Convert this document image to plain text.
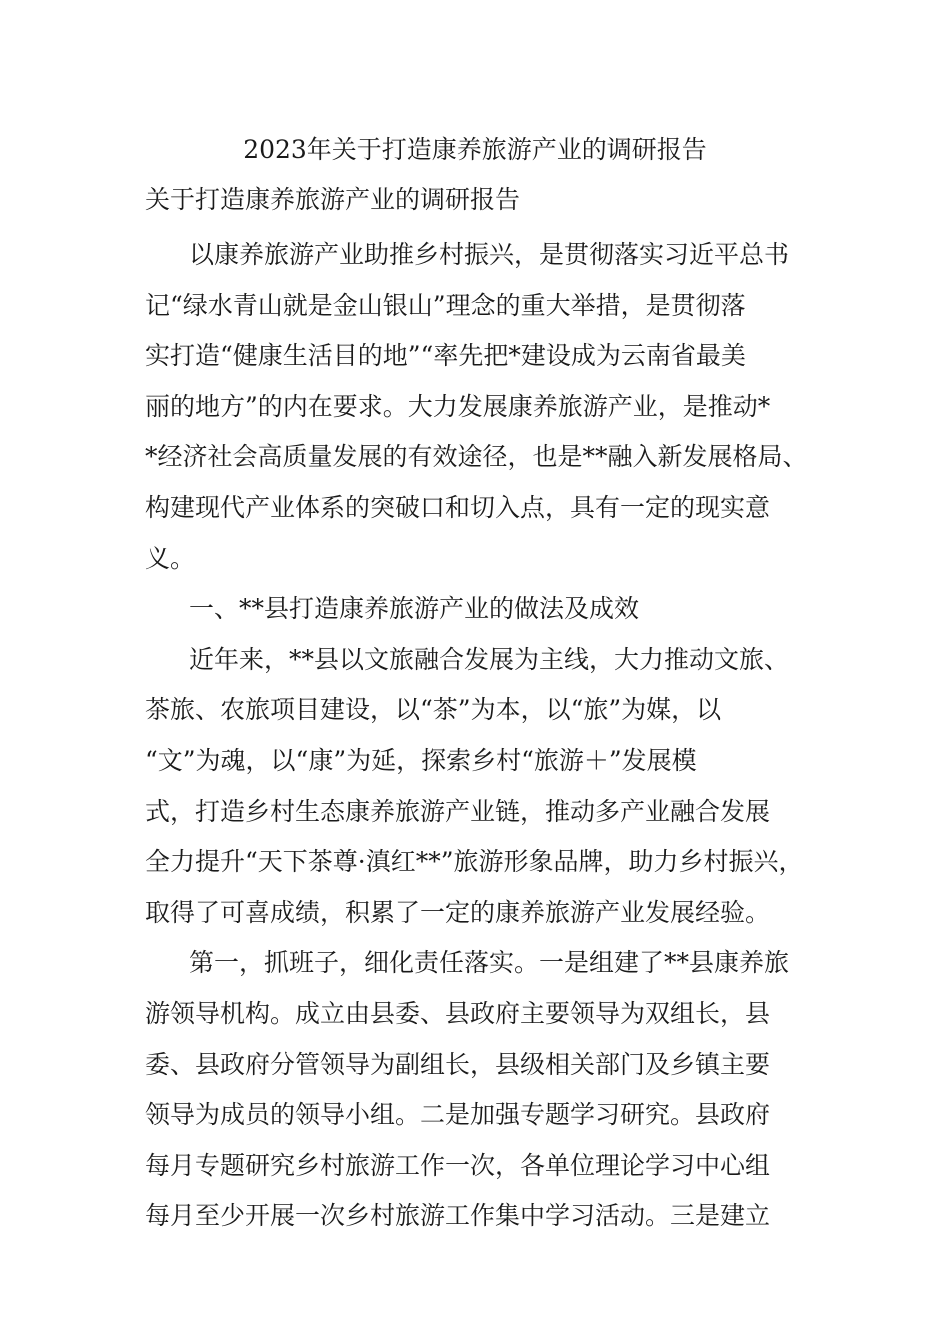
2023年关于打造康养旅游产业的调研报告
关于打造康养旅游产业的调研报告
以康养旅游产业助推乡村振兴，是贯彻落实习近平总书
记“绿水青山就是金山银山”理念的重大举措，是贯彻落
实打造“健康生活目的地”“率先把*建设成为云南省最美
丽的地方”的内在要求。大力发展康养旅游产业，是推动*
*经济社会高质量发展的有效途径，也是**融入新发展格局、
构建现代产业体系的突破口和切入点，具有一定的现实意
义。
一、**县打造康养旅游产业的做法及成效
近年来，**县以文旅融合发展为主线，大力推动文旅、
茶旅、农旅项目建设，以“茶”为本，以“旅”为媒，以
“文”为魂，以“康”为延，探索乡村“旅游＋”发展模
式，打造乡村生态康养旅游产业链，推动多产业融合发展
全力提升“天下茶尊·滇红**”旅游形象品牌，助力乡村振兴，
取得了可喜成绩，积累了一定的康养旅游产业发展经验。
第一，抓班子，细化责任落实。一是组建了**县康养旅
游领导机构。成立由县委、县政府主要领导为双组长，县
委、县政府分管领导为副组长，县级相关部门及乡镇主要
领导为成员的领导小组。二是加强专题学习研究。县政府
每月专题研究乡村旅游工作一次，各单位理论学习中心组
每月至少开展一次乡村旅游工作集中学习活动。三是建立
